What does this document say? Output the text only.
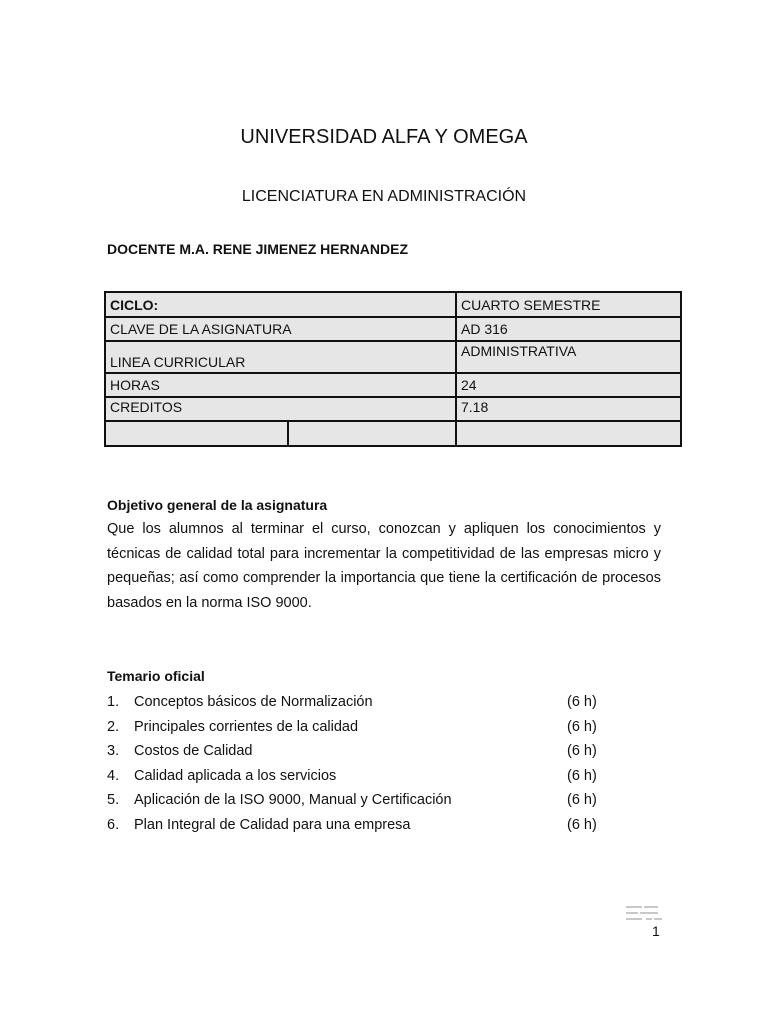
UNIVERSIDAD ALFA Y OMEGA
LICENCIATURA EN ADMINISTRACIÓN
DOCENTE M.A. RENE JIMENEZ HERNANDEZ
CICLO:		CUARTO SEMESTRE
CLAVE DE LA ASIGNATURA		AD 316
LINEA CURRICULAR		ADMINISTRATIVA
HORAS		24
CREDITOS		7.18

Objetivo general de la asignatura
Que los alumnos al terminar el curso, conozcan y apliquen los conocimientos y técnicas de calidad total para incrementar la competitividad de las empresas micro y pequeñas; así como comprender la importancia que tiene la certificación de procesos basados en la norma ISO 9000.
Temario oficial
1. Conceptos básicos de Normalización	(6 h)
2. Principales corrientes de la calidad	(6 h)
3. Costos de Calidad	(6 h)
4. Calidad aplicada a los servicios	(6 h)
5. Aplicación de la ISO 9000, Manual y Certificación	(6 h)
6. Plan Integral de Calidad para una empresa	(6 h)
1
